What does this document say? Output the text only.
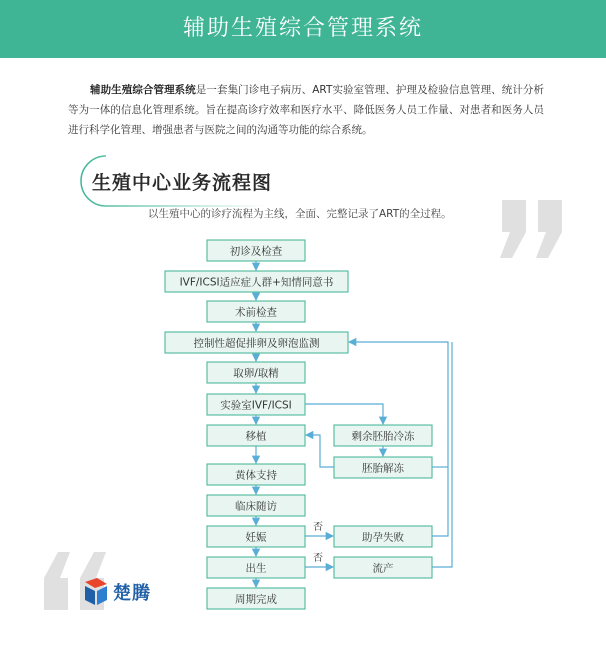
辅助生殖综合管理系统
辅助生殖综合管理系统是一套集门诊电子病历、ART实验室管理、护理及检验信息管理、统计分析等为一体的信息化管理系统。旨在提高诊疗效率和医疗水平、降低医务人员工作量、对患者和医务人员进行科学化管理、增强患者与医院之间的沟通等功能的综合系统。
生殖中心业务流程图
以生殖中心的诊疗流程为主线，全面、完整记录了ART的全过程。
初诊及检查
IVF/ICSI适应症人群+知情同意书
术前检查
控制性超促排卵及卵泡监测
取卵/取精
实验室IVF/ICSI
移植
黄体支持
临床随访
妊娠
出生
周期完成
剩余胚胎冷冻
胚胎解冻
助孕失败
流产
否
否
楚腾
